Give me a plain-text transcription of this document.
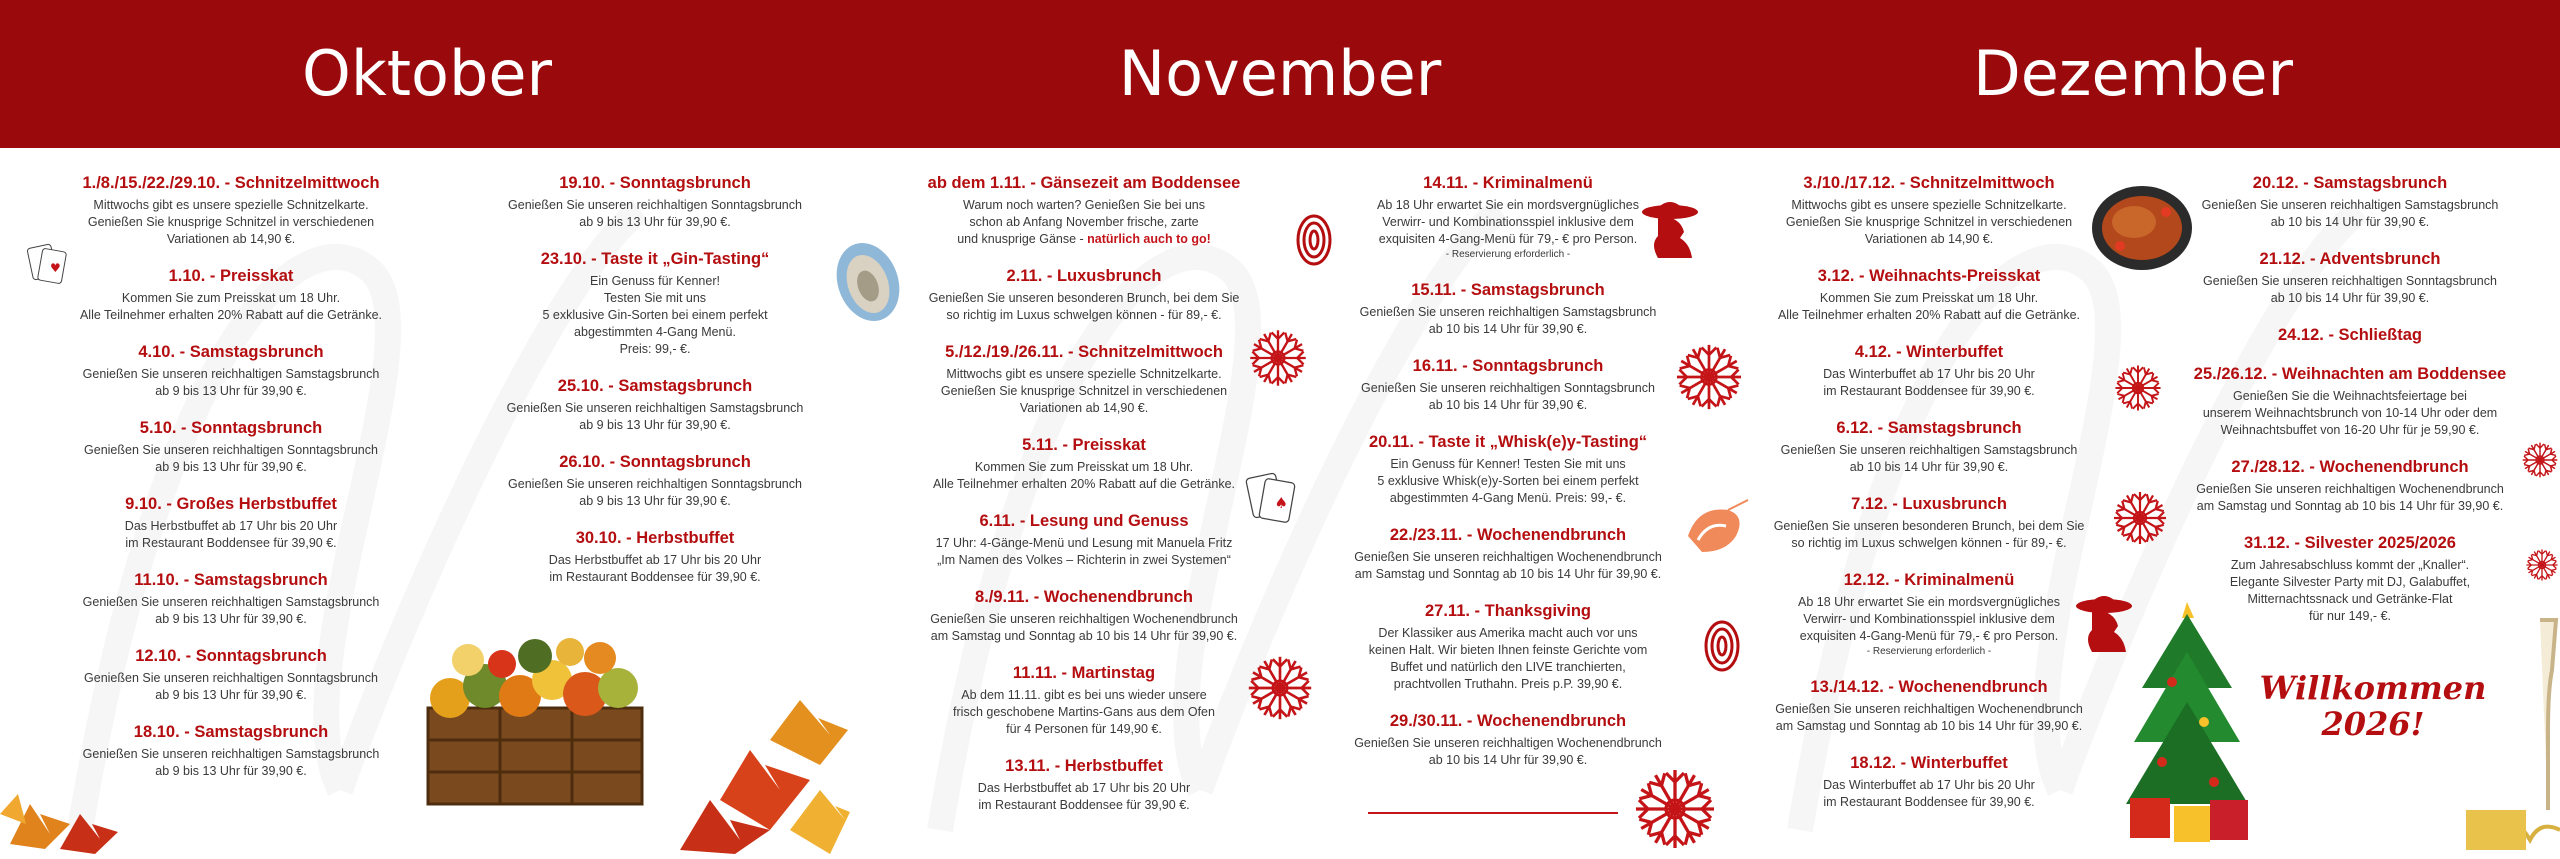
Oktober	November	Dezember
1./8./15./22./29.10. - Schnitzelmittwoch
Mittwochs gibt es unsere spezielle Schnitzelkarte.
Genießen Sie knusprige Schnitzel in verschiedenen
Variationen ab 14,90 €.
1.10. - Preisskat
Kommen Sie zum Preisskat um 18 Uhr.
Alle Teilnehmer erhalten 20% Rabatt auf die Getränke.
4.10. - Samstagsbrunch
Genießen Sie unseren reichhaltigen Samstagsbrunch
ab 9 bis 13 Uhr für 39,90 €.
5.10. - Sonntagsbrunch
Genießen Sie unseren reichhaltigen Sonntagsbrunch
ab 9 bis 13 Uhr für 39,90 €.
9.10. - Großes Herbstbuffet
Das Herbstbuffet ab 17 Uhr bis 20 Uhr
im Restaurant Boddensee für 39,90 €.
11.10. - Samstagsbrunch
Genießen Sie unseren reichhaltigen Samstagsbrunch
ab 9 bis 13 Uhr für 39,90 €.
12.10. - Sonntagsbrunch
Genießen Sie unseren reichhaltigen Sonntagsbrunch
ab 9 bis 13 Uhr für 39,90 €.
18.10. - Samstagsbrunch
Genießen Sie unseren reichhaltigen Samstagsbrunch
ab 9 bis 13 Uhr für 39,90 €.
19.10. - Sonntagsbrunch
Genießen Sie unseren reichhaltigen Sonntagsbrunch
ab 9 bis 13 Uhr für 39,90 €.
23.10. - Taste it „Gin-Tasting“
Ein Genuss für Kenner!
Testen Sie mit uns
5 exklusive Gin-Sorten bei einem perfekt
abgestimmten 4-Gang Menü.
Preis: 99,- €.
25.10. - Samstagsbrunch
Genießen Sie unseren reichhaltigen Samstagsbrunch
ab 9 bis 13 Uhr für 39,90 €.
26.10. - Sonntagsbrunch
Genießen Sie unseren reichhaltigen Sonntagsbrunch
ab 9 bis 13 Uhr für 39,90 €.
30.10. - Herbstbuffet
Das Herbstbuffet ab 17 Uhr bis 20 Uhr
im Restaurant Boddensee für 39,90 €.
ab dem 1.11. - Gänsezeit am Boddensee
Warum noch warten? Genießen Sie bei uns
schon ab Anfang November frische, zarte
und knusprige Gänse - natürlich auch to go!
2.11. - Luxusbrunch
Genießen Sie unseren besonderen Brunch, bei dem Sie
so richtig im Luxus schwelgen können - für 89,- €.
5./12./19./26.11. - Schnitzelmittwoch
Mittwochs gibt es unsere spezielle Schnitzelkarte.
Genießen Sie knusprige Schnitzel in verschiedenen
Variationen ab 14,90 €.
5.11. - Preisskat
Kommen Sie zum Preisskat um 18 Uhr.
Alle Teilnehmer erhalten 20% Rabatt auf die Getränke.
6.11. - Lesung und Genuss
17 Uhr: 4-Gänge-Menü und Lesung mit Manuela Fritz
„Im Namen des Volkes – Richterin in zwei Systemen“
8./9.11. - Wochenendbrunch
Genießen Sie unseren reichhaltigen Wochenendbrunch
am Samstag und Sonntag ab 10 bis 14 Uhr für 39,90 €.
11.11. - Martinstag
Ab dem 11.11. gibt es bei uns wieder unsere
frisch geschobene Martins-Gans aus dem Ofen
für 4 Personen für 149,90 €.
13.11. - Herbstbuffet
Das Herbstbuffet ab 17 Uhr bis 20 Uhr
im Restaurant Boddensee für 39,90 €.
14.11. - Kriminalmenü
Ab 18 Uhr erwartet Sie ein mordsvergnügliches
Verwirr- und Kombinationsspiel inklusive dem
exquisiten 4-Gang-Menü für 79,- € pro Person.
- Reservierung erforderlich -
15.11. - Samstagsbrunch
Genießen Sie unseren reichhaltigen Samstagsbrunch
ab 10 bis 14 Uhr für 39,90 €.
16.11. - Sonntagsbrunch
Genießen Sie unseren reichhaltigen Sonntagsbrunch
ab 10 bis 14 Uhr für 39,90 €.
20.11. - Taste it „Whisk(e)y-Tasting“
Ein Genuss für Kenner! Testen Sie mit uns
5 exklusive Whisk(e)y-Sorten bei einem perfekt
abgestimmten 4-Gang Menü. Preis: 99,- €.
22./23.11. - Wochenendbrunch
Genießen Sie unseren reichhaltigen Wochenendbrunch
am Samstag und Sonntag ab 10 bis 14 Uhr für 39,90 €.
27.11. - Thanksgiving
Der Klassiker aus Amerika macht auch vor uns
keinen Halt. Wir bieten Ihnen feinste Gerichte vom
Buffet und natürlich den LIVE tranchierten,
prachtvollen Truthahn. Preis p.P. 39,90 €.
29./30.11. - Wochenendbrunch
Genießen Sie unseren reichhaltigen Wochenendbrunch
ab 10 bis 14 Uhr für 39,90 €.
3./10./17.12. - Schnitzelmittwoch
Mittwochs gibt es unsere spezielle Schnitzelkarte.
Genießen Sie knusprige Schnitzel in verschiedenen
Variationen ab 14,90 €.
3.12. - Weihnachts-Preisskat
Kommen Sie zum Preisskat um 18 Uhr.
Alle Teilnehmer erhalten 20% Rabatt auf die Getränke.
4.12. - Winterbuffet
Das Winterbuffet ab 17 Uhr bis 20 Uhr
im Restaurant Boddensee für 39,90 €.
6.12. - Samstagsbrunch
Genießen Sie unseren reichhaltigen Samstagsbrunch
ab 10 bis 14 Uhr für 39,90 €.
7.12. - Luxusbrunch
Genießen Sie unseren besonderen Brunch, bei dem Sie
so richtig im Luxus schwelgen können - für 89,- €.
12.12. - Kriminalmenü
Ab 18 Uhr erwartet Sie ein mordsvergnügliches
Verwirr- und Kombinationsspiel inklusive dem
exquisiten 4-Gang-Menü für 79,- € pro Person.
- Reservierung erforderlich -
13./14.12. - Wochenendbrunch
Genießen Sie unseren reichhaltigen Wochenendbrunch
am Samstag und Sonntag ab 10 bis 14 Uhr für 39,90 €.
18.12. - Winterbuffet
Das Winterbuffet ab 17 Uhr bis 20 Uhr
im Restaurant Boddensee für 39,90 €.
20.12. - Samstagsbrunch
Genießen Sie unseren reichhaltigen Samstagsbrunch
ab 10 bis 14 Uhr für 39,90 €.
21.12. - Adventsbrunch
Genießen Sie unseren reichhaltigen Sonntagsbrunch
ab 10 bis 14 Uhr für 39,90 €.
24.12. - Schließtag
25./26.12. - Weihnachten am Boddensee
Genießen Sie die Weihnachtsfeiertage bei
unserem Weihnachtsbrunch von 10-14 Uhr oder dem
Weihnachtsbuffet von 16-20 Uhr für je 59,90 €.
27./28.12. - Wochenendbrunch
Genießen Sie unseren reichhaltigen Wochenendbrunch
am Samstag und Sonntag ab 10 bis 14 Uhr für 39,90 €.
31.12. - Silvester 2025/2026
Zum Jahresabschluss kommt der „Knaller“.
Elegante Silvester Party mit DJ, Galabuffet,
Mitternachtssnack und Getränke-Flat
für nur 149,- €.
♥
♠
Willkommen
2026!
